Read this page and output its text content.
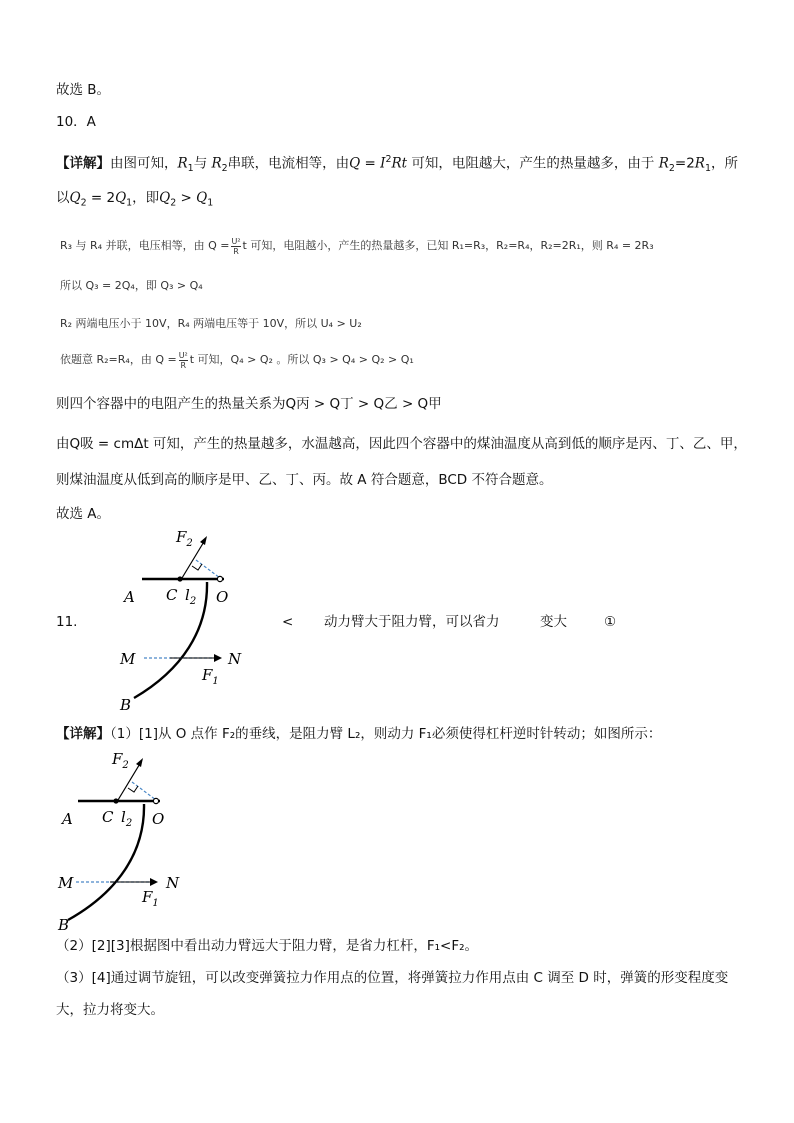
故选 B。
10．A
【详解】由图可知，$R_1$与 $R_2$串联，电流相等，由$Q = I^2Rt$ 可知，电阻越大，产生的热量越多，由于 $R_2=2R_1$，所
以$Q_2 = 2Q_1$，即$Q_2 > Q_1$
R₃ 与 R₄ 并联，电压相等，由 $Q = \frac{\text{U²}}{R}$ t 可知，电阻越小，产生的热量越多，已知 R₁=R₃，R₂=R₄，R₂=2R₁，则 R₄ = 2R₃
所以 Q₃ = 2Q₄，即 Q₃ > Q₄
R₂ 两端电压小于 10V，R₄ 两端电压等于 10V，所以 U₄ > U₂
依题意 R₂=R₄，由 $Q = \frac{\text{U²}}{R}$ t 可知，Q₄ > Q₂ 。所以 Q₃ > Q₄ > Q₂ > Q₁
则四个容器中的电阻产生的热量关系为Q丙 > Q丁 > Q乙 > Q甲
由Q吸 = cmΔt 可知，产生的热量越多，水温越高，因此四个容器中的煤油温度从高到低的顺序是丙、丁、乙、甲，
则煤油温度从低到高的顺序是甲、乙、丁、丙。故 A 符合题意，BCD 不符合题意。
故选 A。
$F_2$
A C $l_2$ O
M	N
$F_1$
B
11.	< 动力臂大于阻力臂，可以省力	变大	①
【详解】（1）[1]从 O 点作 F₂的垂线，是阻力臂 L₂，则动力 F₁必须使得杠杆逆时针转动；如图所示：
$F_2$
A C $l_2$ O
M	N
$F_1$
B
（2）[2][3]根据图中看出动力臂远大于阻力臂，是省力杠杆，F₁<F₂。
（3）[4]通过调节旋钮，可以改变弹簧拉力作用点的位置，将弹簧拉力作用点由 C 调至 D 时，弹簧的形变程度变
大，拉力将变大。
